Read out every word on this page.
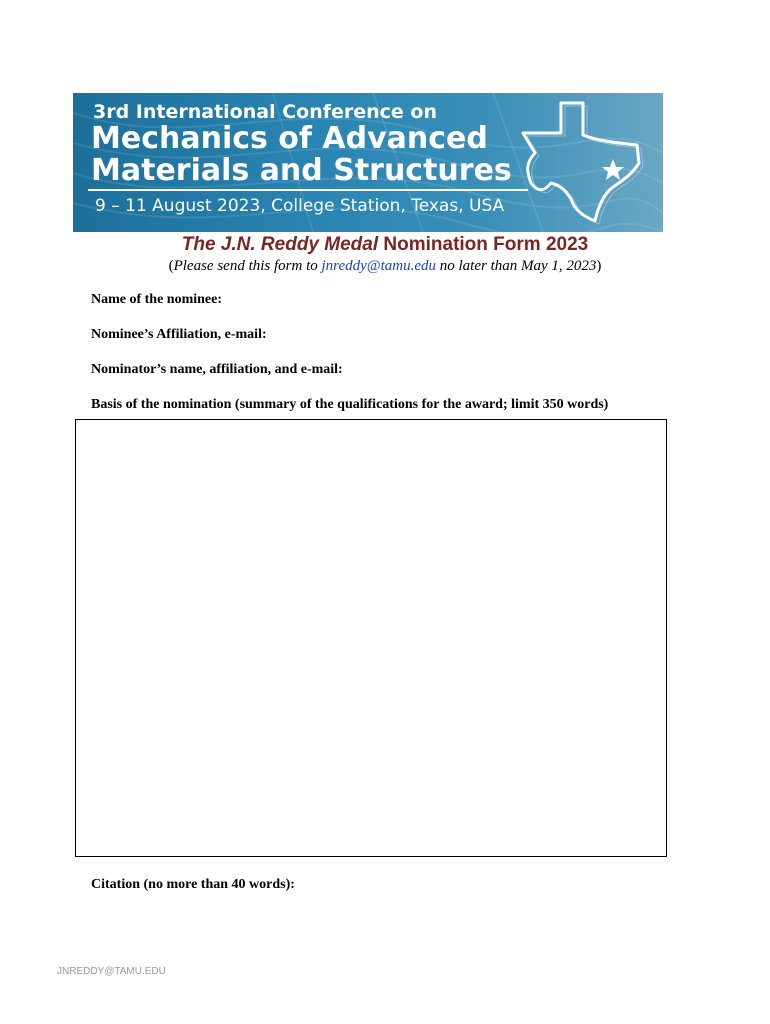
3rd International Conference on
Mechanics of Advanced
Materials and Structures
9 – 11 August 2023, College Station, Texas, USA
The J.N. Reddy Medal Nomination Form 2023
(Please send this form to jnreddy@tamu.edu no later than May 1, 2023)
Name of the nominee:
Nominee’s Affiliation, e-mail:
Nominator’s name, affiliation, and e-mail:
Basis of the nomination (summary of the qualifications for the award; limit 350 words)
Citation (no more than 40 words):
JNREDDY@TAMU.EDU
